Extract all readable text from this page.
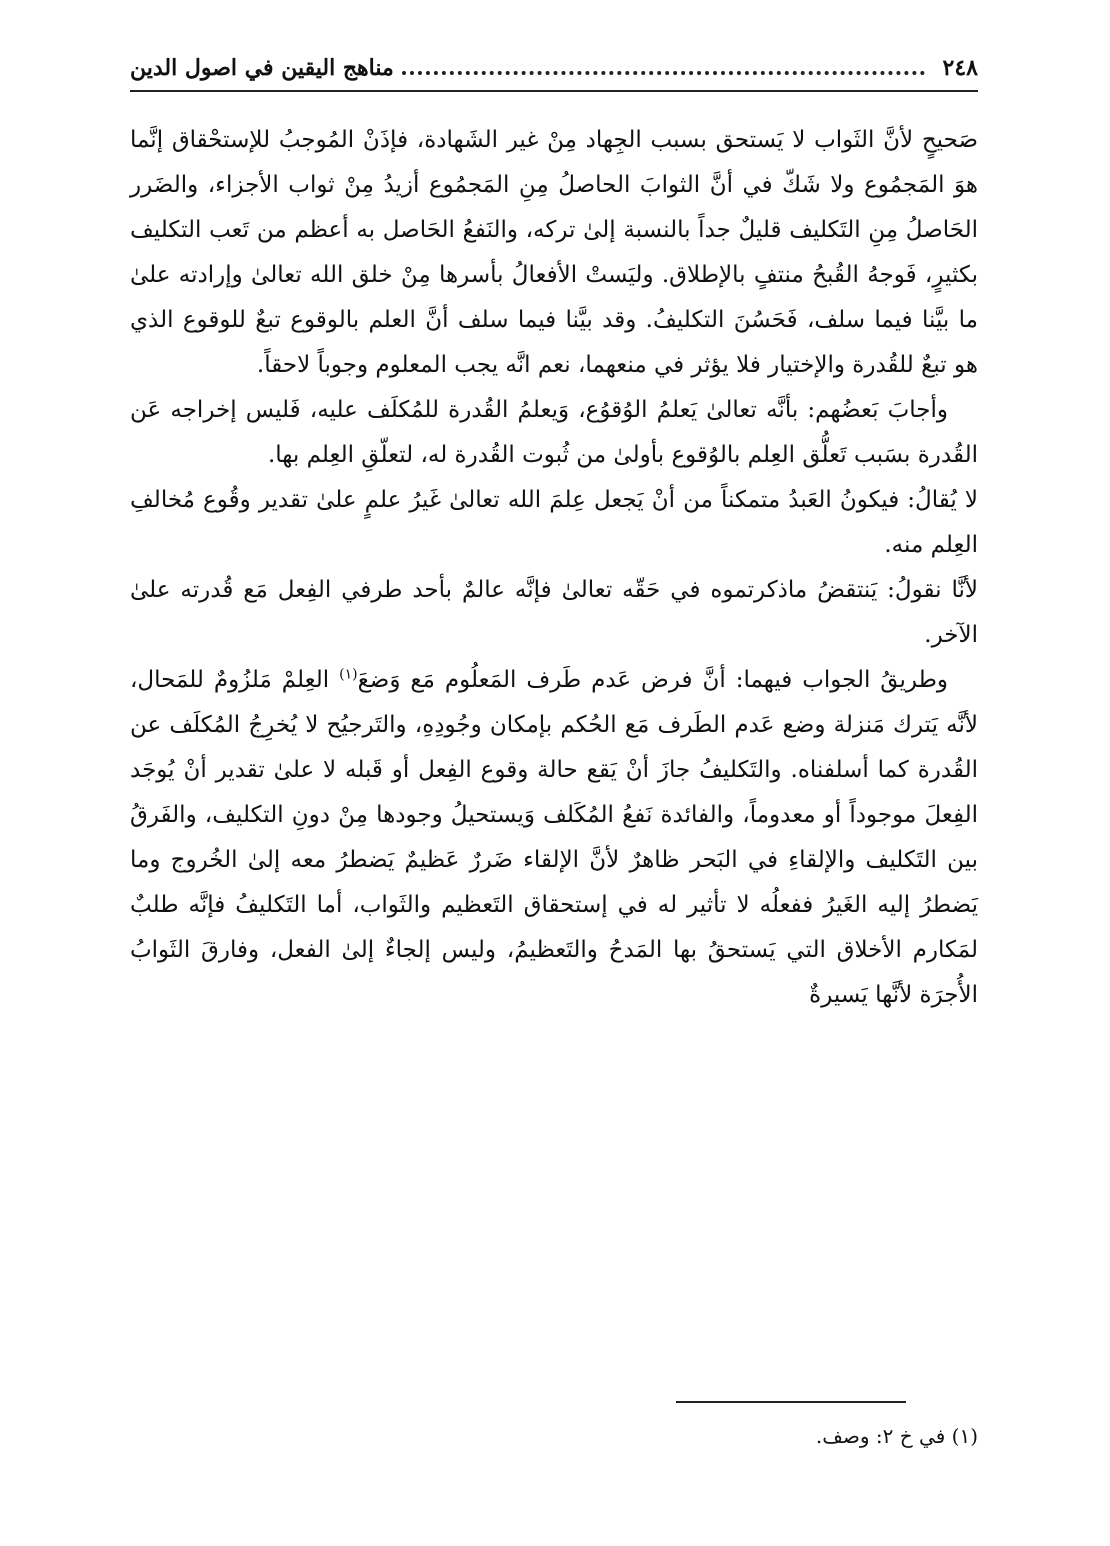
٢٤٨
مناهج اليقين في اصول الدين

صَحيحٍ لأنَّ الثَواب لا يَستحق بسبب الجِهاد مِنْ غير الشَهادة، فإذَنْ المُوجبُ للإستحْقاق إنَّما هوَ المَجمُوع ولا شَكّ في أنَّ الثوابَ الحاصلُ مِنِ المَجمُوع أزيدُ مِنْ ثواب الأجزاء، والضَرر الحَاصلُ مِنِ التَكليف قليلٌ جداً بالنسبة إلىٰ تركه، والنَفعُ الحَاصل به أعظم من تَعب التكليف بكثيرٍ، فَوجهُ القُبحُ منتفٍ بالإطلاق. وليَستْ الأفعالُ بأسرها مِنْ خلق الله تعالىٰ وإرادته علىٰ ما بيَّنا فيما سلف، فَحَسُنَ التكليفُ. وقد بيَّنا فيما سلف أنَّ العلم بالوقوع تبعٌ للوقوع الذي هو تبعٌ للقُدرة والإختيار فلا يؤثر في منعهما، نعم انَّه يجب المعلوم وجوباً لاحقاً.

وأجابَ بَعضُهم: بأنَّه تعالىٰ يَعلمُ الوُقوُع، وَيعلمُ القُدرة للمُكلَف عليه، فَليس إخراجه عَن القُدرة بسَبب تَعلُّق العِلم بالوُقوع بأولىٰ من ثُبوت القُدرة له، لتعلّقِ العِلم بها.

لا يُقالُ: فيكونُ العَبدُ متمكناً من أنْ يَجعل عِلمَ الله تعالىٰ غَيرُ علمٍ علىٰ تقدير وقُوع مُخالفِ العِلم منه.

لأنَّا نقولُ: يَنتقضُ ماذكرتموه في حَقّه تعالىٰ فإنَّه عالمٌ بأحد طرفي الفِعل مَع قُدرته علىٰ الآخر.

وطريقُ الجواب فيهما: أنَّ فرض عَدم طَرف المَعلُوم مَع وَضعَ$^{(١)}$ العِلمْ مَلزُومٌ للمَحال، لأنَّه يَترك مَنزلة وضع عَدم الطَرف مَع الحُكم بإمكان وجُودِهِ، والتَرجيُح لا يُخرِجُ المُكلَف عن القُدرة كما أسلفناه. والتَكليفُ جازَ أنْ يَقع حالة وقوع الفِعل أو قَبله لا علىٰ تقدير أنْ يُوجَد الفِعلَ موجوداً أو معدوماً، والفائدة نَفعُ المُكَلف وَيستحيلُ وجودها مِنْ دونِ التكليف، والفَرقُ بين التَكليف والإلقاءِ في البَحر ظاهرٌ لأنَّ الإلقاء ضَررٌ عَظيمٌ يَضطرُ معه إلىٰ الخُروج وما يَضطرُ إليه الغَيرُ ففعلُه لا تأثير له في إستحقاق التَعظيم والثَواب، أما التَكليفُ فإنَّه طلبٌ لمَكارم الأخلاق التي يَستحقُ بها المَدحُ والتَعظيمُ، وليس إلجاءٌ إلىٰ الفعل، وفارقَ الثَوابُ الأُجرَة لأنَّها يَسيرةٌ

(١) في خ ٢: وصف.
